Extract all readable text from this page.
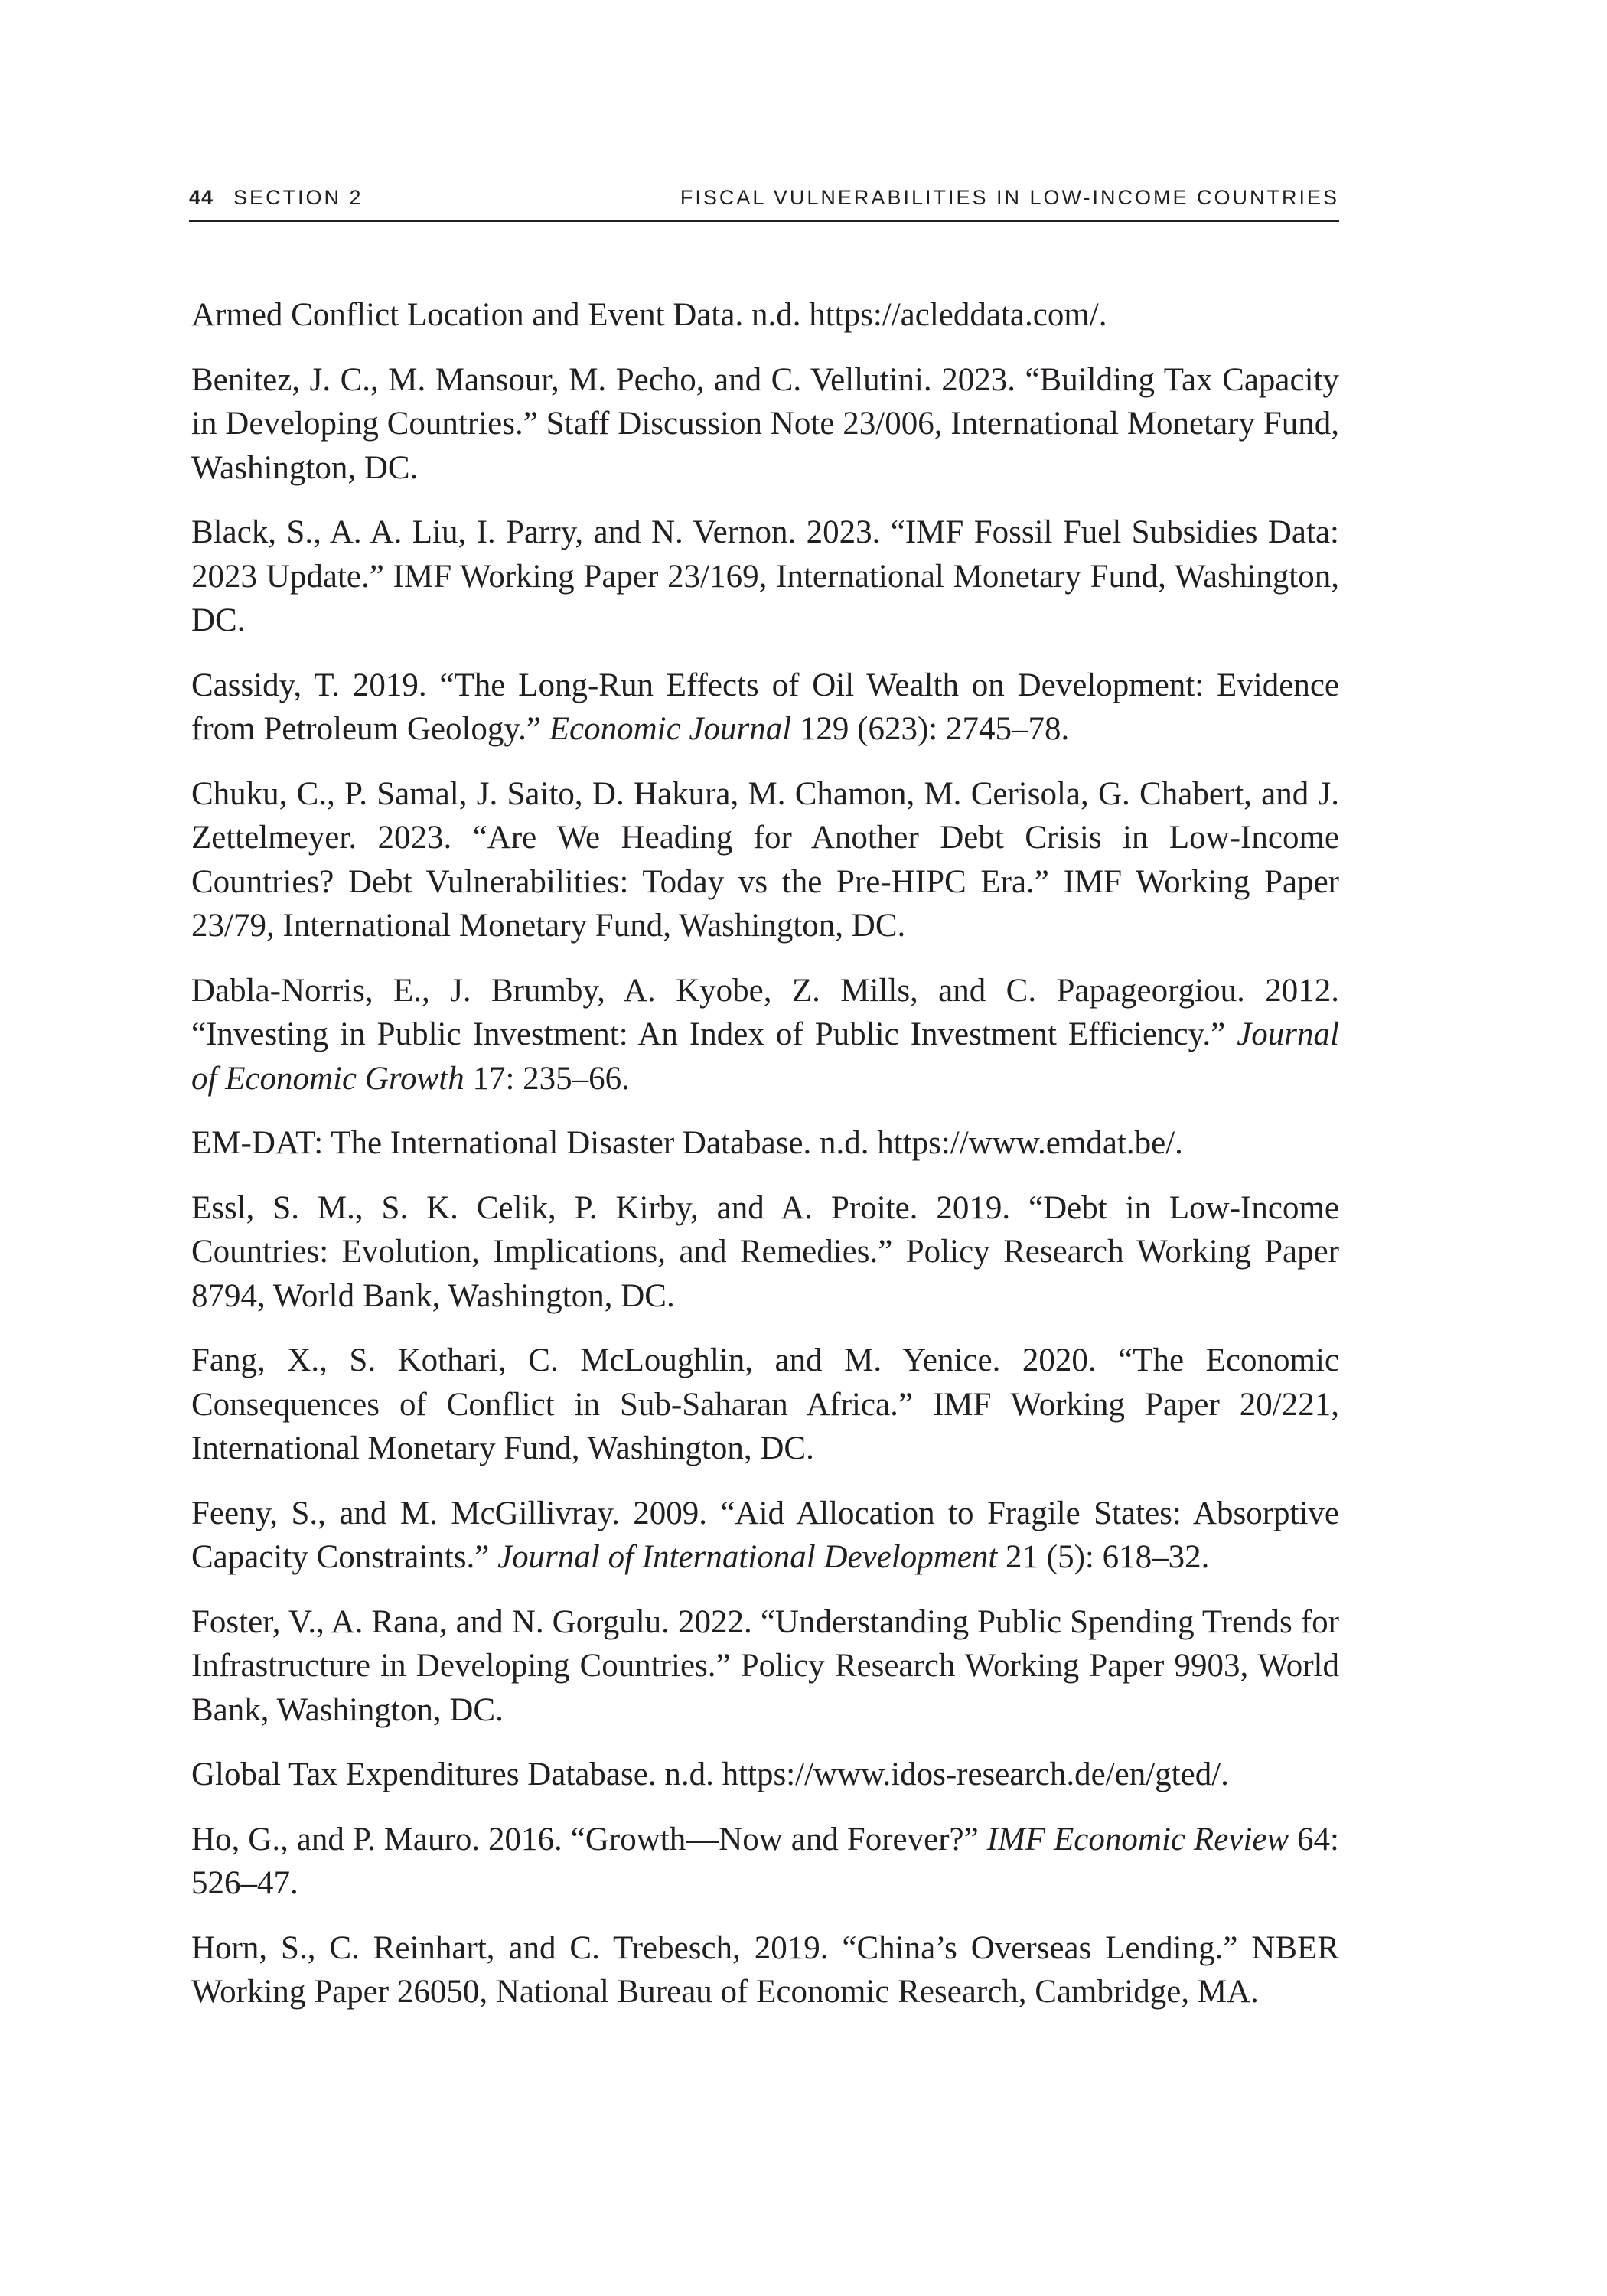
44 SECTION 2	FISCAL VULNERABILITIES IN LOW-INCOME COUNTRIES

Armed Conflict Location and Event Data. n.d. https://acleddata.com/.

Benitez, J. C., M. Mansour, M. Pecho, and C. Vellutini. 2023. “Building Tax Capacity in Developing Countries.” Staff Discussion Note 23/006, International Monetary Fund, Washington, DC.

Black, S., A. A. Liu, I. Parry, and N. Vernon. 2023. “IMF Fossil Fuel Subsidies Data: 2023 Update.” IMF Working Paper 23/169, International Monetary Fund, Washington, DC.

Cassidy, T. 2019. “The Long-Run Effects of Oil Wealth on Development: Evidence from Petroleum Geology.” Economic Journal 129 (623): 2745–78.

Chuku, C., P. Samal, J. Saito, D. Hakura, M. Chamon, M. Cerisola, G. Chabert, and J. Zettelmeyer. 2023. “Are We Heading for Another Debt Crisis in Low-Income Countries? Debt Vulnerabilities: Today vs the Pre-HIPC Era.” IMF Working Paper 23/79, International Monetary Fund, Washington, DC.

Dabla-Norris, E., J. Brumby, A. Kyobe, Z. Mills, and C. Papageorgiou. 2012. “Investing in Public Investment: An Index of Public Investment Efficiency.” Journal of Economic Growth 17: 235–66.

EM-DAT: The International Disaster Database. n.d. https://www.emdat.be/.

Essl, S. M., S. K. Celik, P. Kirby, and A. Proite. 2019. “Debt in Low-Income Countries: Evolution, Implications, and Remedies.” Policy Research Working Paper 8794, World Bank, Washington, DC.

Fang, X., S. Kothari, C. McLoughlin, and M. Yenice. 2020. “The Economic Consequences of Conflict in Sub-Saharan Africa.” IMF Working Paper 20/221, International Monetary Fund, Washington, DC.

Feeny, S., and M. McGillivray. 2009. “Aid Allocation to Fragile States: Absorptive Capacity Constraints.” Journal of International Development 21 (5): 618–32.

Foster, V., A. Rana, and N. Gorgulu. 2022. “Understanding Public Spending Trends for Infrastructure in Developing Countries.” Policy Research Working Paper 9903, World Bank, Washington, DC.

Global Tax Expenditures Database. n.d. https://www.idos-research.de/en/gted/.

Ho, G., and P. Mauro. 2016. “Growth—Now and Forever?” IMF Economic Review 64: 526–47.

Horn, S., C. Reinhart, and C. Trebesch, 2019. “China’s Overseas Lending.” NBER Working Paper 26050, National Bureau of Economic Research, Cambridge, MA.
